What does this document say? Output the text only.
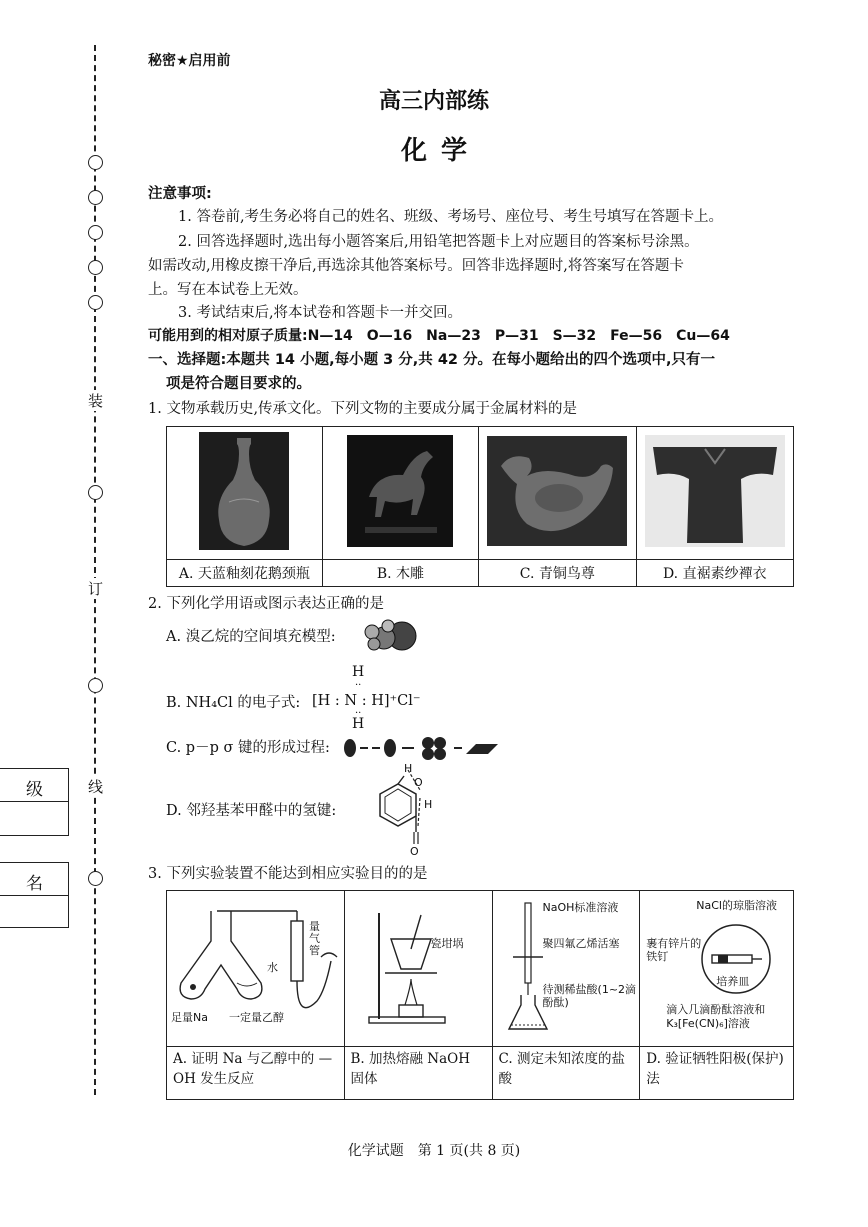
装
订
线
级
名
秘密★启用前
高三内部练
化学
注意事项:
1. 答卷前,考生务必将自己的姓名、班级、考场号、座位号、考生号填写在答题卡上。
2. 回答选择题时,选出每小题答案后,用铅笔把答题卡上对应题目的答案标号涂黑。
如需改动,用橡皮擦干净后,再选涂其他答案标号。回答非选择题时,将答案写在答题卡
上。写在本试卷上无效。
3. 考试结束后,将本试卷和答题卡一并交回。
可能用到的相对原子质量:N—14　O—16　Na—23　P—31　S—32　Fe—56　Cu—64
一、选择题:本题共 14 小题,每小题 3 分,共 42 分。在每小题给出的四个选项中,只有一
项是符合题目要求的。
1. 文物承载历史,传承文化。下列文物的主要成分属于金属材料的是

A. 天蓝釉刻花鹅颈瓶	B. 木雕	C. 青铜鸟尊	D. 直裾素纱襌衣
2. 下列化学用语或图示表达正确的是
A. 溴乙烷的空间填充模型:
H
··
B. NH₄Cl 的电子式: [H : N : H]⁺Cl⁻
··
H
C. p－p σ 键的形成过程:
D. 邻羟基苯甲醛中的氢键:
H
O
H
O
3. 下列实验装置不能达到相应实验目的的是
水
量气管
足量Na 一定量乙醇	瓷坩埚	NaOH标准溶液
聚四氟乙烯活塞
待测稀盐酸(1~2滴酚酞)	NaCl的琼脂溶液
裹有锌片的铁钉
培养皿
滴入几滴酚酞溶液和K₃[Fe(CN)₆]溶液

A. 证明 Na 与乙醇中的 —OH 发生反应	B. 加热熔融 NaOH 固体	C. 测定未知浓度的盐酸	D. 验证牺牲阳极(保护)法
化学试题　第 1 页(共 8 页)
